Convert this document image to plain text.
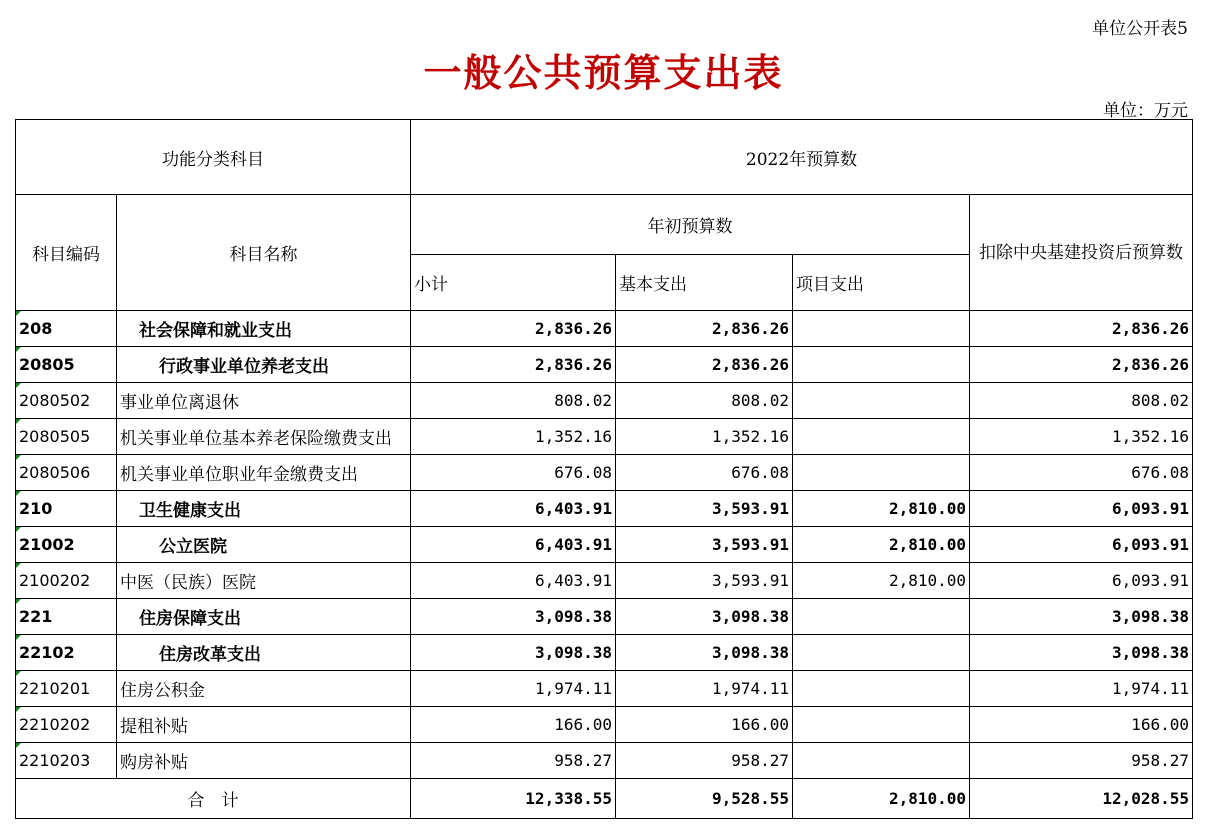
单位公开表5
一般公共预算支出表
单位：万元
功能分类科目		2022年预算数			
科目编码	科目名称	年初预算数			扣除中央基建投资后预算数
		小计	基本支出	项目支出	
208	社会保障和就业支出	2,836.26	2,836.26		2,836.26
20805	行政事业单位养老支出	2,836.26	2,836.26		2,836.26
2080502	事业单位离退休	808.02	808.02		808.02
2080505	机关事业单位基本养老保险缴费支出	1,352.16	1,352.16		1,352.16
2080506	机关事业单位职业年金缴费支出	676.08	676.08		676.08
210	卫生健康支出	6,403.91	3,593.91	2,810.00	6,093.91
21002	公立医院	6,403.91	3,593.91	2,810.00	6,093.91
2100202	中医（民族）医院	6,403.91	3,593.91	2,810.00	6,093.91
221	住房保障支出	3,098.38	3,098.38		3,098.38
22102	住房改革支出	3,098.38	3,098.38		3,098.38
2210201	住房公积金	1,974.11	1,974.11		1,974.11
2210202	提租补贴	166.00	166.00		166.00
2210203	购房补贴	958.27	958.27		958.27
合　计		12,338.55	9,528.55	2,810.00	12,028.55
